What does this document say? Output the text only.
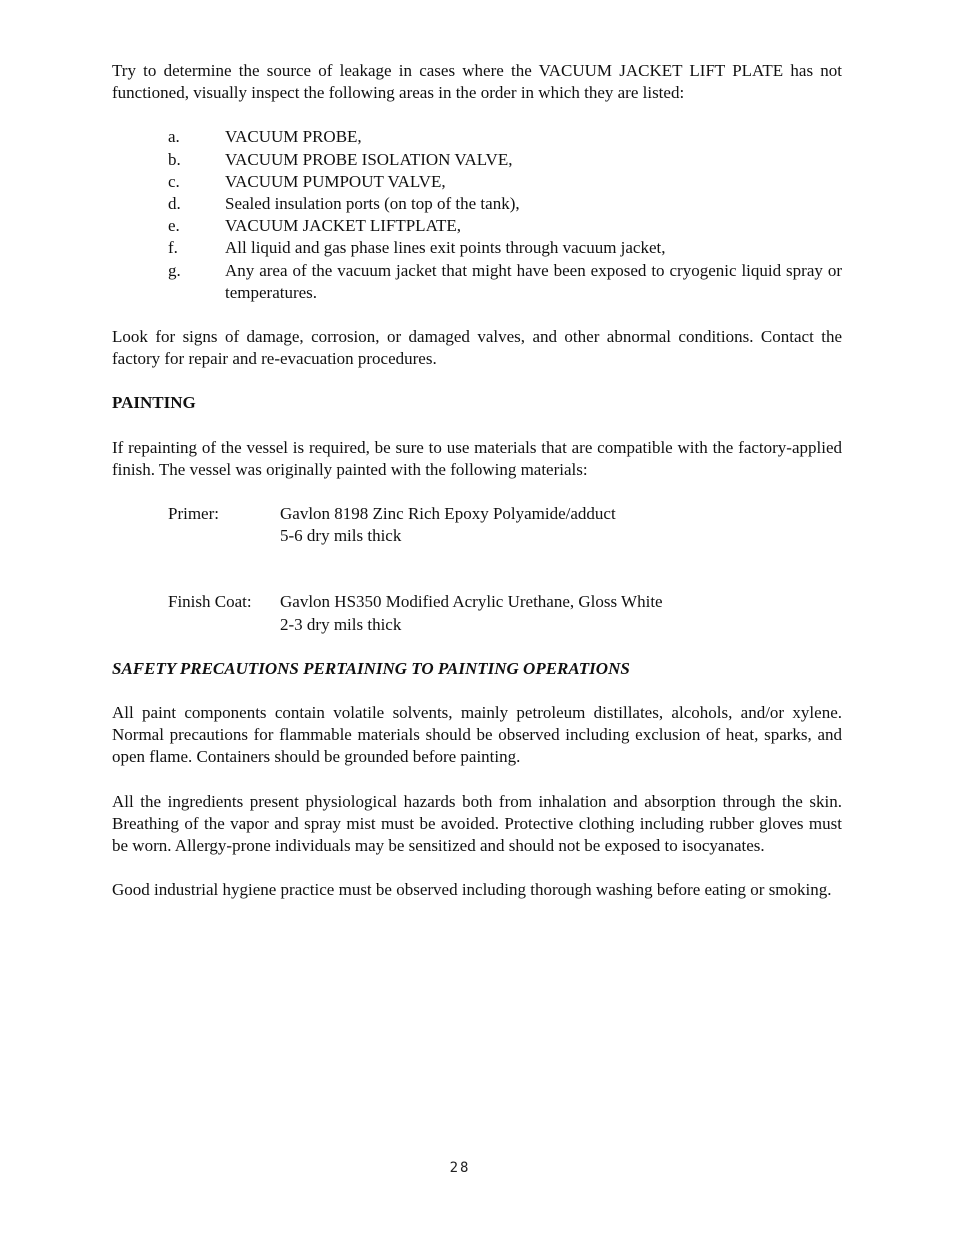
Try to determine the source of leakage in cases where the VACUUM JACKET LIFT PLATE has not functioned, visually inspect the following areas in the order in which they are listed:

a.	VACUUM PROBE,
b.	VACUUM PROBE ISOLATION VALVE,
c.	VACUUM PUMPOUT VALVE,
d.	Sealed insulation ports (on top of the tank),
e.	VACUUM JACKET LIFTPLATE,
f.	All liquid and gas phase lines exit points through vacuum jacket,
g.	Any area of the vacuum jacket that might have been exposed to cryogenic liquid spray or temperatures.

Look for signs of damage, corrosion, or damaged valves, and other abnormal conditions. Contact the factory for repair and re-evacuation procedures.

PAINTING

If repainting of the vessel is required, be sure to use materials that are compatible with the factory-applied finish. The vessel was originally painted with the following materials:

Primer:	Gavlon 8198 Zinc Rich Epoxy Polyamide/adduct
5-6 dry mils thick
Finish Coat:	Gavlon HS350 Modified Acrylic Urethane, Gloss White
2-3 dry mils thick
SAFETY PRECAUTIONS PERTAINING TO PAINTING OPERATIONS

All paint components contain volatile solvents, mainly petroleum distillates, alcohols, and/or xylene. Normal precautions for flammable materials should be observed including exclusion of heat, sparks, and open flame. Containers should be grounded before painting.

All the ingredients present physiological hazards both from inhalation and absorption through the skin. Breathing of the vapor and spray mist must be avoided. Protective clothing including rubber gloves must be worn. Allergy-prone individuals may be sensitized and should not be exposed to isocyanates.

Good industrial hygiene practice must be observed including thorough washing before eating or smoking.

28
